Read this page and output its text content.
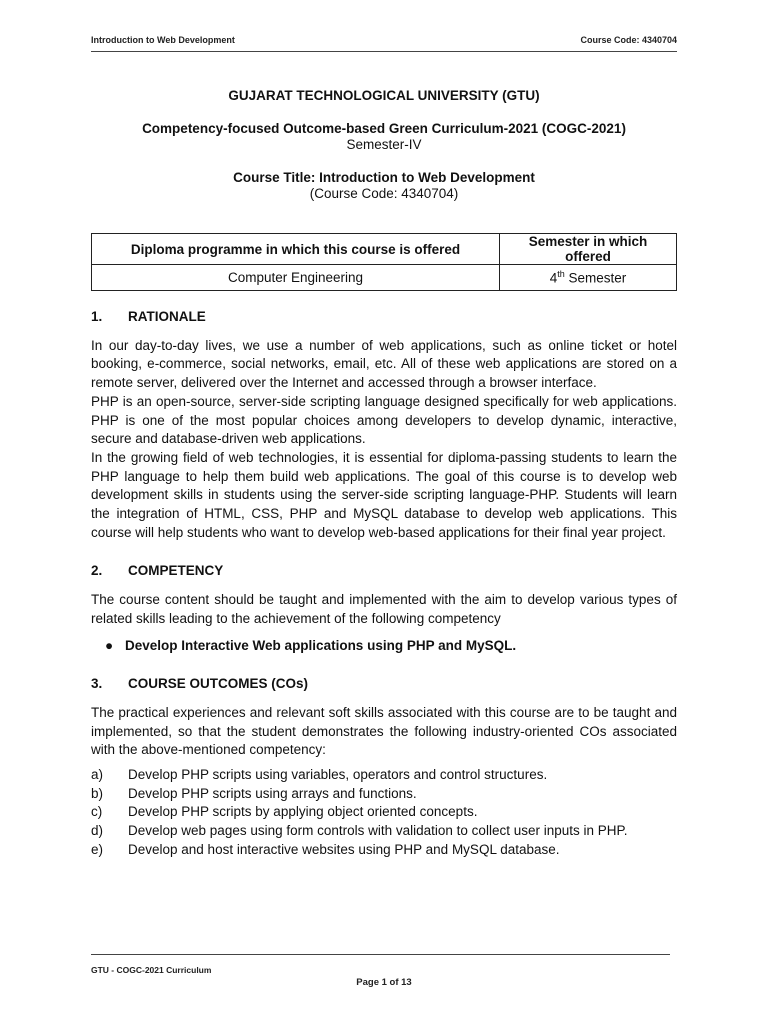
Introduction to Web Development	Course Code: 4340704
GUJARAT TECHNOLOGICAL UNIVERSITY (GTU)
Competency-focused Outcome-based Green Curriculum-2021 (COGC-2021)
Semester-IV
Course Title: Introduction to Web Development
(Course Code: 4340704)
Diploma programme in which this course is offered	Semester in which offered
Computer Engineering	4th Semester
1.	RATIONALE

In our day-to-day lives, we use a number of web applications, such as online ticket or hotel booking, e-commerce, social networks, email, etc. All of these web applications are stored on a remote server, delivered over the Internet and accessed through a browser interface.

PHP is an open-source, server-side scripting language designed specifically for web applications. PHP is one of the most popular choices among developers to develop dynamic, interactive, secure and database-driven web applications.

In the growing field of web technologies, it is essential for diploma-passing students to learn the PHP language to help them build web applications. The goal of this course is to develop web development skills in students using the server-side scripting language-PHP. Students will learn the integration of HTML, CSS, PHP and MySQL database to develop web applications. This course will help students who want to develop web-based applications for their final year project.

2.	COMPETENCY

The course content should be taught and implemented with the aim to develop various types of related skills leading to the achievement of the following competency

● Develop Interactive Web applications using PHP and MySQL.
3.	COURSE OUTCOMES (COs)

The practical experiences and relevant soft skills associated with this course are to be taught and implemented, so that the student demonstrates the following industry-oriented COs associated with the above-mentioned competency:

a)	Develop PHP scripts using variables, operators and control structures.
b)	Develop PHP scripts using arrays and functions.
c)	Develop PHP scripts by applying object oriented concepts.
d)	Develop web pages using form controls with validation to collect user inputs in PHP.
e)	Develop and host interactive websites using PHP and MySQL database.
GTU - COGC-2021 Curriculum
Page 1 of 13
